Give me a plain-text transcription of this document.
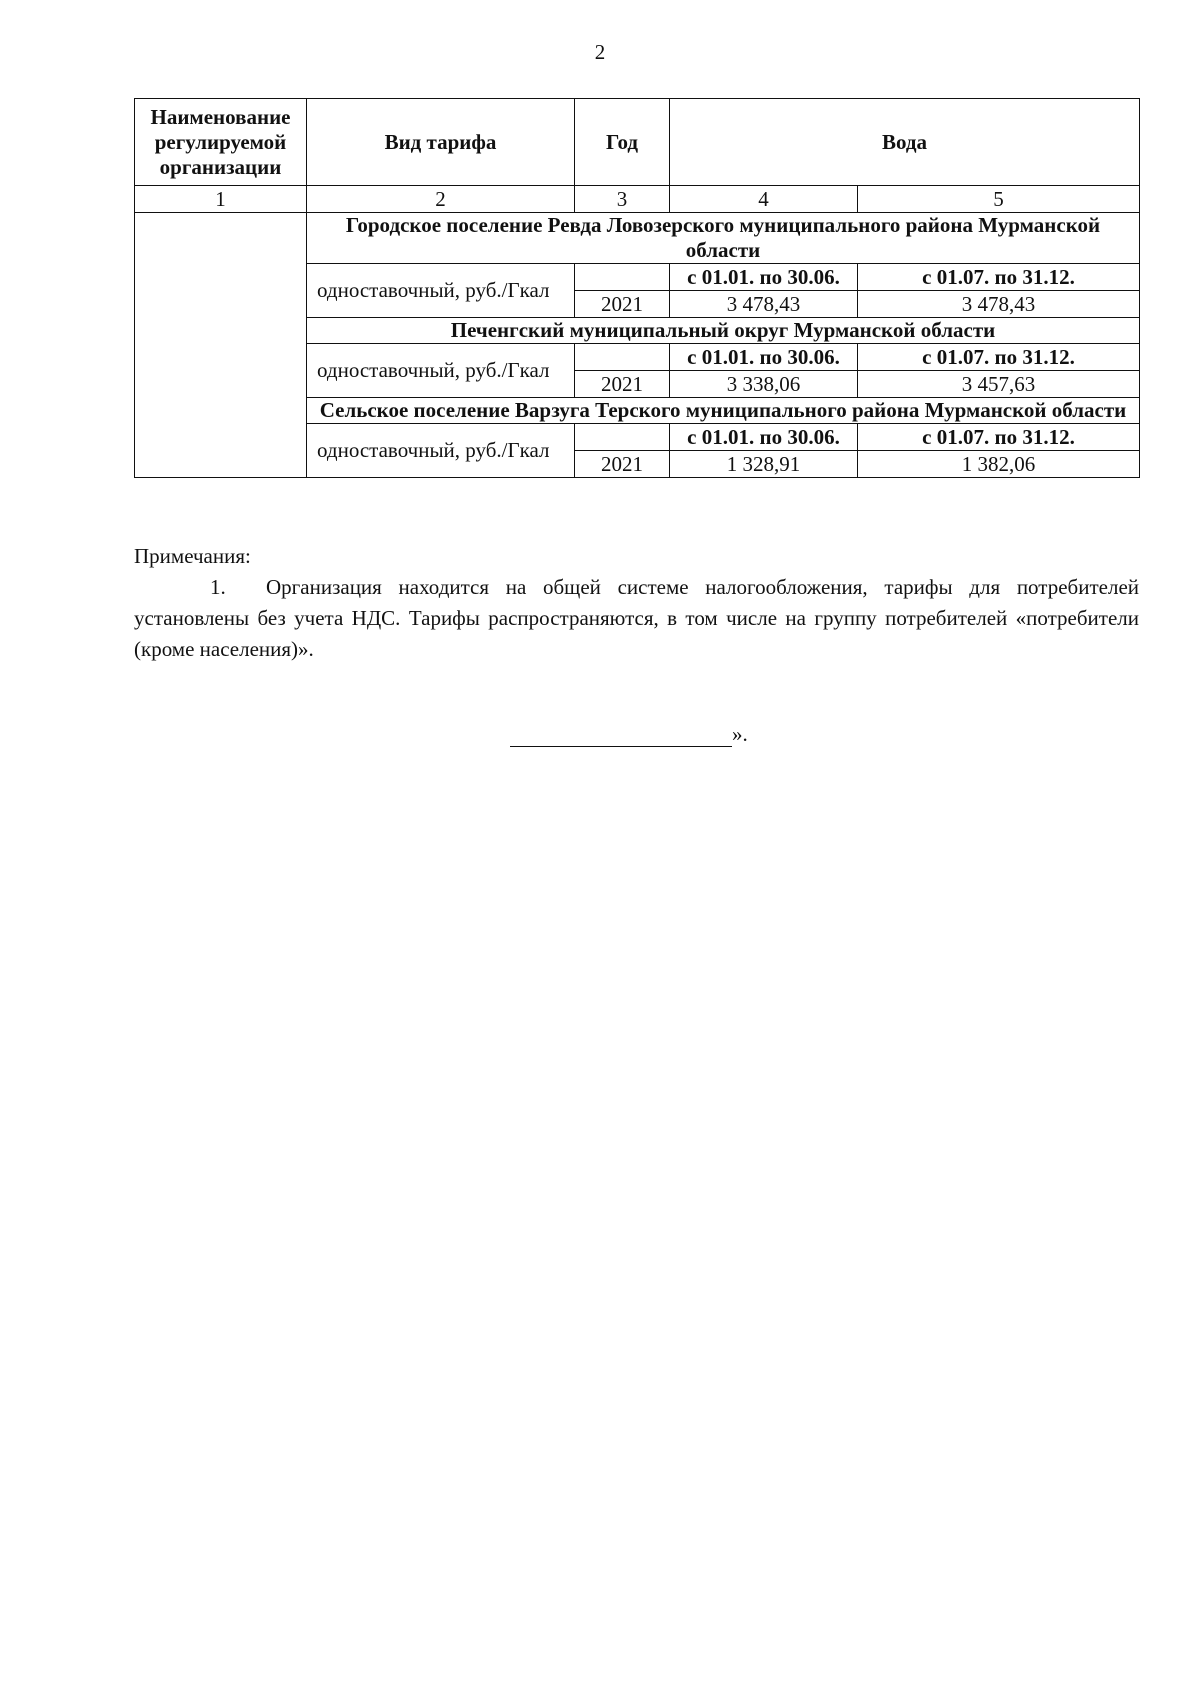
2
Наименование регулируемой организации	Вид тарифа	Год	Вода	
1	2	3	4	5
	Городское поселение Ревда Ловозерского муниципального района Мурманской области			
	одноставочный, руб./Гкал		с 01.01. по 30.06.	с 01.07. по 31.12.
		2021	3 478,43	3 478,43
	Печенгский муниципальный округ Мурманской области			
	одноставочный, руб./Гкал		с 01.01. по 30.06.	с 01.07. по 31.12.
		2021	3 338,06	3 457,63
	Сельское поселение Варзуга Терского муниципального района Мурманской области			
	одноставочный, руб./Гкал		с 01.01. по 30.06.	с 01.07. по 31.12.
		2021	1 328,91	1 382,06

Примечания:

1. Организация находится на общей системе налогообложения, тарифы для потребителей установлены без учета НДС. Тарифы распространяются, в том числе на группу потребителей «потребители (кроме населения)».

».
